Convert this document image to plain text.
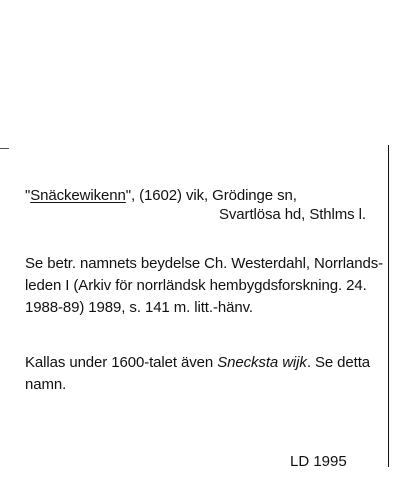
"Snäckewikenn", (1602) vik, Grödinge sn,
Svartlösa hd, Sthlms l.
Se betr. namnets beydelse Ch. Westerdahl, Norrlands-
leden I (Arkiv för norrländsk hembygdsforskning. 24.
1988-89) 1989, s. 141 m. litt.-hänv.
Kallas under 1600-talet även Snecksta wijk. Se detta
namn.
LD 1995
